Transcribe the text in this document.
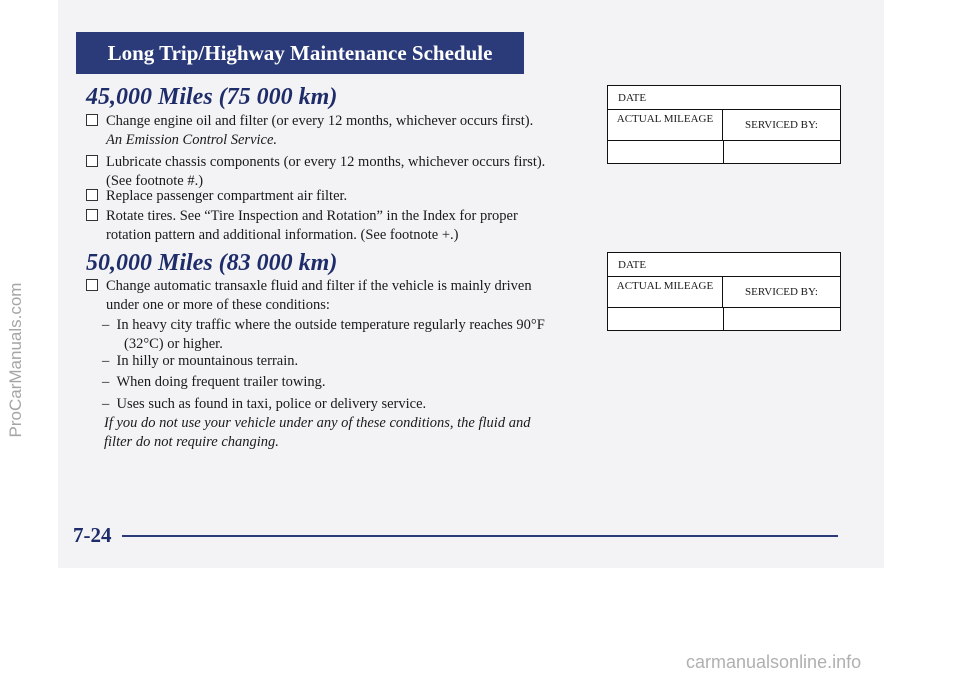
Long Trip/Highway Maintenance Schedule
45,000 Miles (75 000 km)
Change engine oil and filter (or every 12 months, whichever occurs first).
An Emission Control Service.
Lubricate chassis components (or every 12 months, whichever occurs first).
(See footnote #.)
Replace passenger compartment air filter.
Rotate tires. See “Tire Inspection and Rotation” in the Index for proper
rotation pattern and additional information. (See footnote +.)
50,000 Miles (83 000 km)
Change automatic transaxle fluid and filter if the vehicle is mainly driven
under one or more of these conditions:
–  In heavy city traffic where the outside temperature regularly reaches 90°F
(32°C) or higher.
–  In hilly or mountainous terrain.
–  When doing frequent trailer towing.
–  Uses such as found in taxi, police or delivery service.
If you do not use your vehicle under any of these conditions, the fluid and
filter do not require changing.
DATE
ACTUAL MILEAGE	SERVICED BY:
DATE
ACTUAL MILEAGE	SERVICED BY:
7-24
ProCarManuals.com
carmanualsonline.info
